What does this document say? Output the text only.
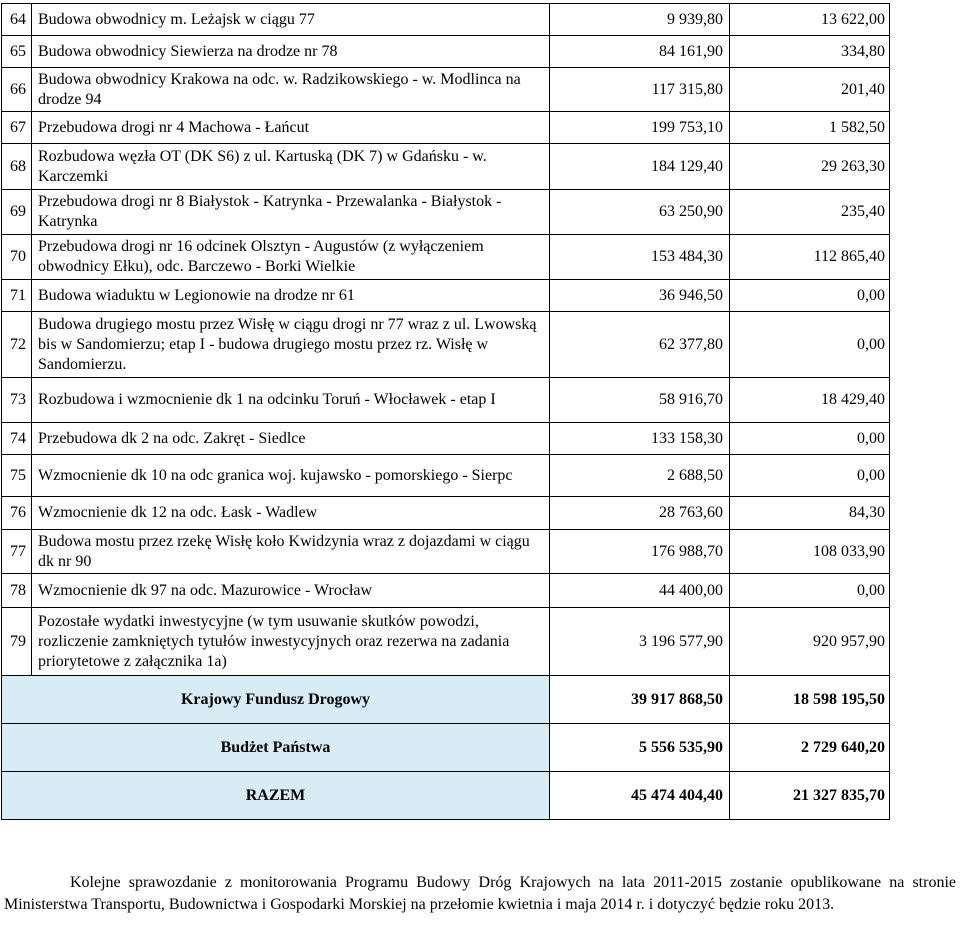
64	Budowa obwodnicy m. Leżajsk w ciągu 77	9 939,80	13 622,00
65	Budowa obwodnicy Siewierza na drodze nr 78	84 161,90	334,80
66	Budowa obwodnicy Krakowa na odc. w. Radzikowskiego - w. Modlinca na drodze 94	117 315,80	201,40
67	Przebudowa drogi nr 4 Machowa - Łańcut	199 753,10	1 582,50
68	Rozbudowa węzła OT (DK S6) z ul. Kartuską (DK 7) w Gdańsku - w. Karczemki	184 129,40	29 263,30
69	Przebudowa drogi nr 8 Białystok - Katrynka - Przewalanka - Białystok - Katrynka	63 250,90	235,40
70	Przebudowa drogi nr 16 odcinek Olsztyn - Augustów (z wyłączeniem obwodnicy Ełku), odc. Barczewo - Borki Wielkie	153 484,30	112 865,40
71	Budowa wiaduktu w Legionowie na drodze nr 61	36 946,50	0,00
72	Budowa drugiego mostu przez Wisłę w ciągu drogi nr 77 wraz z ul. Lwowską bis w Sandomierzu; etap I - budowa drugiego mostu przez rz. Wisłę w Sandomierzu.	62 377,80	0,00
73	Rozbudowa i wzmocnienie dk 1 na odcinku Toruń - Włocławek - etap I	58 916,70	18 429,40
74	Przebudowa dk 2 na odc. Zakręt - Siedlce	133 158,30	0,00
75	Wzmocnienie dk 10 na odc granica woj. kujawsko - pomorskiego - Sierpc	2 688,50	0,00
76	Wzmocnienie dk 12 na odc. Łask - Wadlew	28 763,60	84,30
77	Budowa mostu przez rzekę Wisłę koło Kwidzynia wraz z dojazdami w ciągu dk nr 90	176 988,70	108 033,90
78	Wzmocnienie dk 97 na odc. Mazurowice - Wrocław	44 400,00	0,00
79	Pozostałe wydatki inwestycyjne (w tym usuwanie skutków powodzi, rozliczenie zamkniętych tytułów inwestycyjnych oraz rezerwa na zadania priorytetowe z załącznika 1a)	3 196 577,90	920 957,90
Krajowy Fundusz Drogowy		39 917 868,50	18 598 195,50
Budżet Państwa		5 556 535,90	2 729 640,20
RAZEM		45 474 404,40	21 327 835,70

Kolejne sprawozdanie z monitorowania Programu Budowy Dróg Krajowych na lata 2011-2015 zostanie opublikowane na stronie Ministerstwa Transportu, Budownictwa i Gospodarki Morskiej na przełomie kwietnia i maja 2014 r. i dotyczyć będzie roku 2013.
